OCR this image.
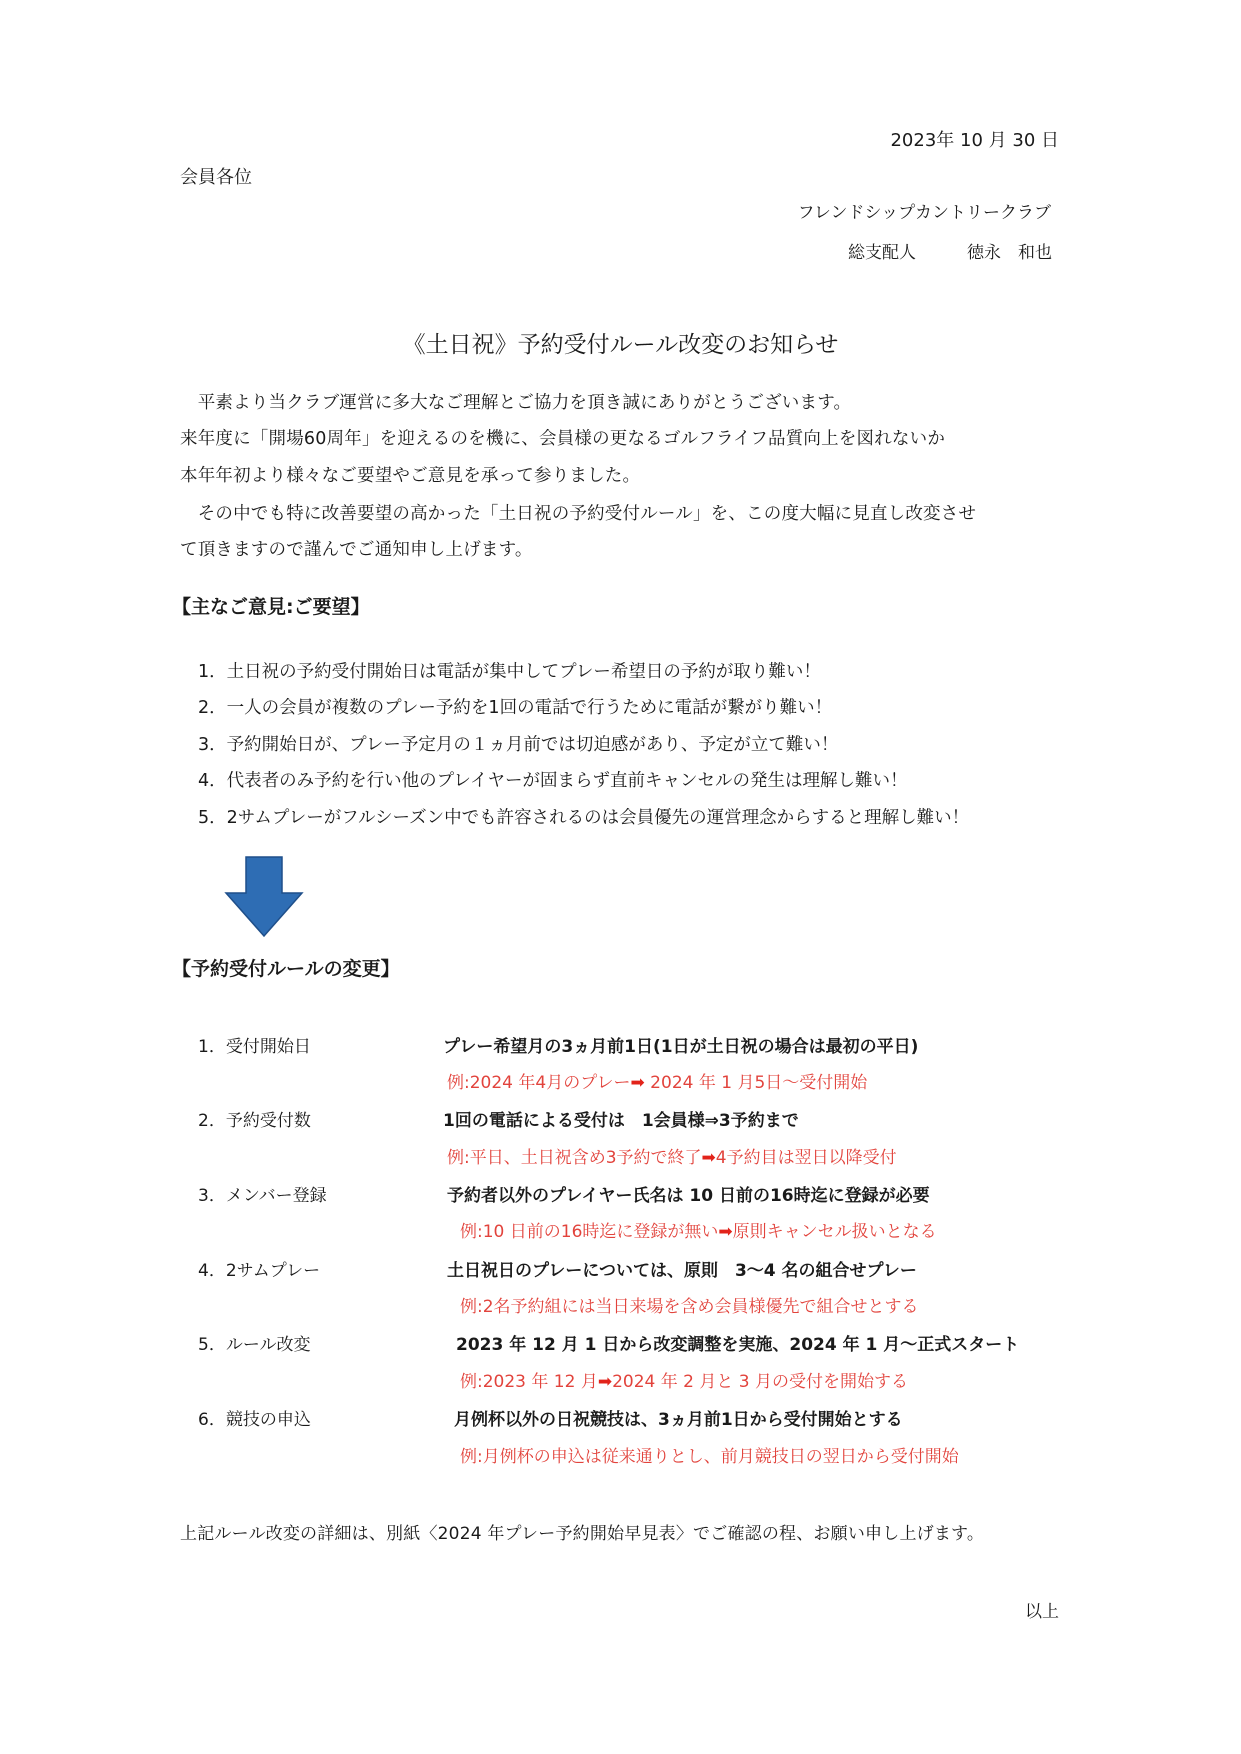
2023年 10 月 30 日
会員各位
フレンドシップカントリークラブ
総支配人　　　徳永　和也
《土日祝》予約受付ルール改変のお知らせ
　平素より当クラブ運営に多大なご理解とご協力を頂き誠にありがとうございます。
来年度に「開場60周年」を迎えるのを機に、会員様の更なるゴルフライフ品質向上を図れないか
本年年初より様々なご要望やご意見を承って参りました。
　その中でも特に改善要望の高かった「土日祝の予約受付ルール」を、この度大幅に見直し改変させ
て頂きますので謹んでご通知申し上げます。
【主なご意見:ご要望】
1．土日祝の予約受付開始日は電話が集中してプレー希望日の予約が取り難い！
2．一人の会員が複数のプレー予約を1回の電話で行うために電話が繋がり難い！
3．予約開始日が、プレー予定月の１ヵ月前では切迫感があり、予定が立て難い！
4．代表者のみ予約を行い他のプレイヤーが固まらず直前キャンセルの発生は理解し難い！
5．2サムプレーがフルシーズン中でも許容されるのは会員優先の運営理念からすると理解し難い！
【予約受付ルールの変更】
1．受付開始日	プレー希望月の3ヵ月前1日(1日が土日祝の場合は最初の平日)
例:2024 年4月のプレー➡ 2024 年 1 月5日～受付開始
2．予約受付数	1回の電話による受付は　1会員様⇒3予約まで
例:平日、土日祝含め3予約で終了➡4予約目は翌日以降受付
3．メンバー登録	予約者以外のプレイヤー氏名は 10 日前の16時迄に登録が必要
例:10 日前の16時迄に登録が無い➡原則キャンセル扱いとなる
4．2サムプレー	土日祝日のプレーについては、原則　3～4 名の組合せプレー
例:2名予約組には当日来場を含め会員様優先で組合せとする
5．ルール改変	2023 年 12 月 1 日から改変調整を実施、2024 年 1 月～正式スタート
例:2023 年 12 月➡2024 年 2 月と 3 月の受付を開始する
6．競技の申込	月例杯以外の日祝競技は、3ヵ月前1日から受付開始とする
例:月例杯の申込は従来通りとし、前月競技日の翌日から受付開始
上記ルール改変の詳細は、別紙〈2024 年プレー予約開始早見表〉でご確認の程、お願い申し上げます。
以上
